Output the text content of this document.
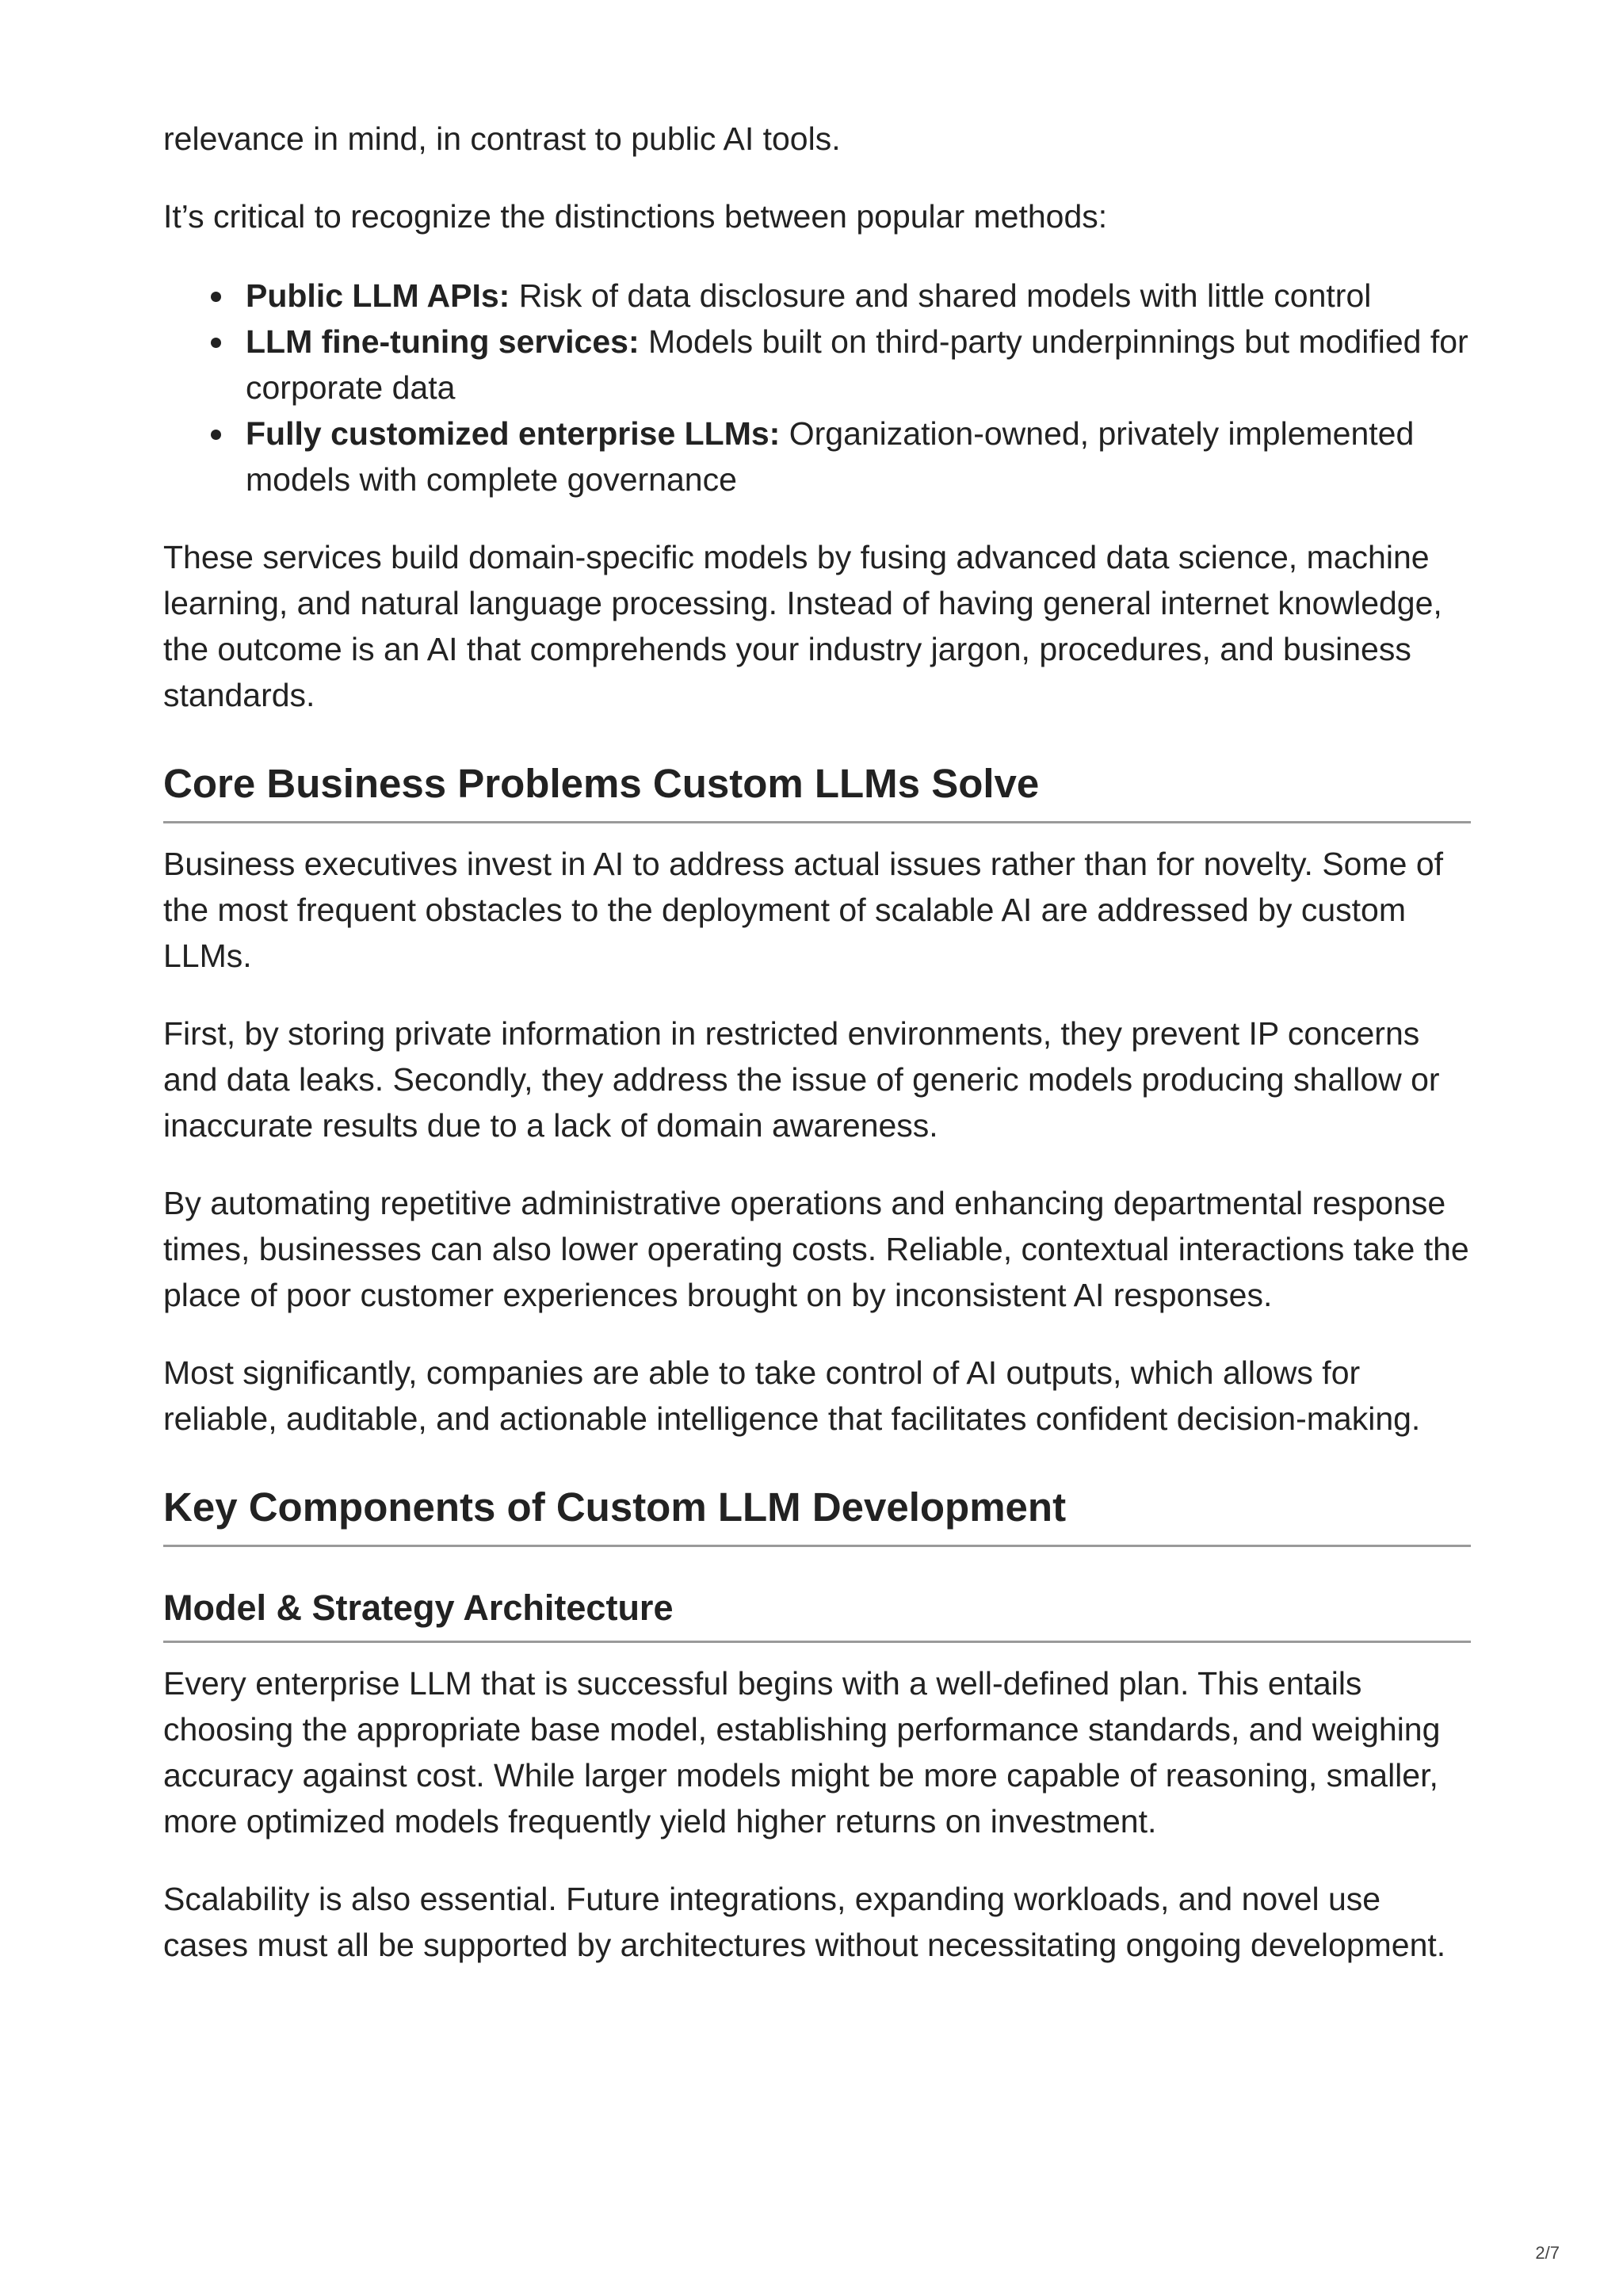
relevance in mind, in contrast to public AI tools.

It’s critical to recognize the distinctions between popular methods:

Public LLM APIs: Risk of data disclosure and shared models with little control
LLM fine-tuning services: Models built on third-party underpinnings but modified for corporate data
Fully customized enterprise LLMs: Organization-owned, privately implemented models with complete governance

These services build domain-specific models by fusing advanced data science, machine learning, and natural language processing. Instead of having general internet knowledge, the outcome is an AI that comprehends your industry jargon, procedures, and business standards.

Core Business Problems Custom LLMs Solve

Business executives invest in AI to address actual issues rather than for novelty. Some of the most frequent obstacles to the deployment of scalable AI are addressed by custom LLMs.

First, by storing private information in restricted environments, they prevent IP concerns and data leaks. Secondly, they address the issue of generic models producing shallow or inaccurate results due to a lack of domain awareness.

By automating repetitive administrative operations and enhancing departmental response times, businesses can also lower operating costs. Reliable, contextual interactions take the place of poor customer experiences brought on by inconsistent AI responses.

Most significantly, companies are able to take control of AI outputs, which allows for reliable, auditable, and actionable intelligence that facilitates confident decision-making.

Key Components of Custom LLM Development
Model & Strategy Architecture

Every enterprise LLM that is successful begins with a well-defined plan. This entails choosing the appropriate base model, establishing performance standards, and weighing accuracy against cost. While larger models might be more capable of reasoning, smaller, more optimized models frequently yield higher returns on investment.

Scalability is also essential. Future integrations, expanding workloads, and novel use cases must all be supported by architectures without necessitating ongoing development.

2/7
